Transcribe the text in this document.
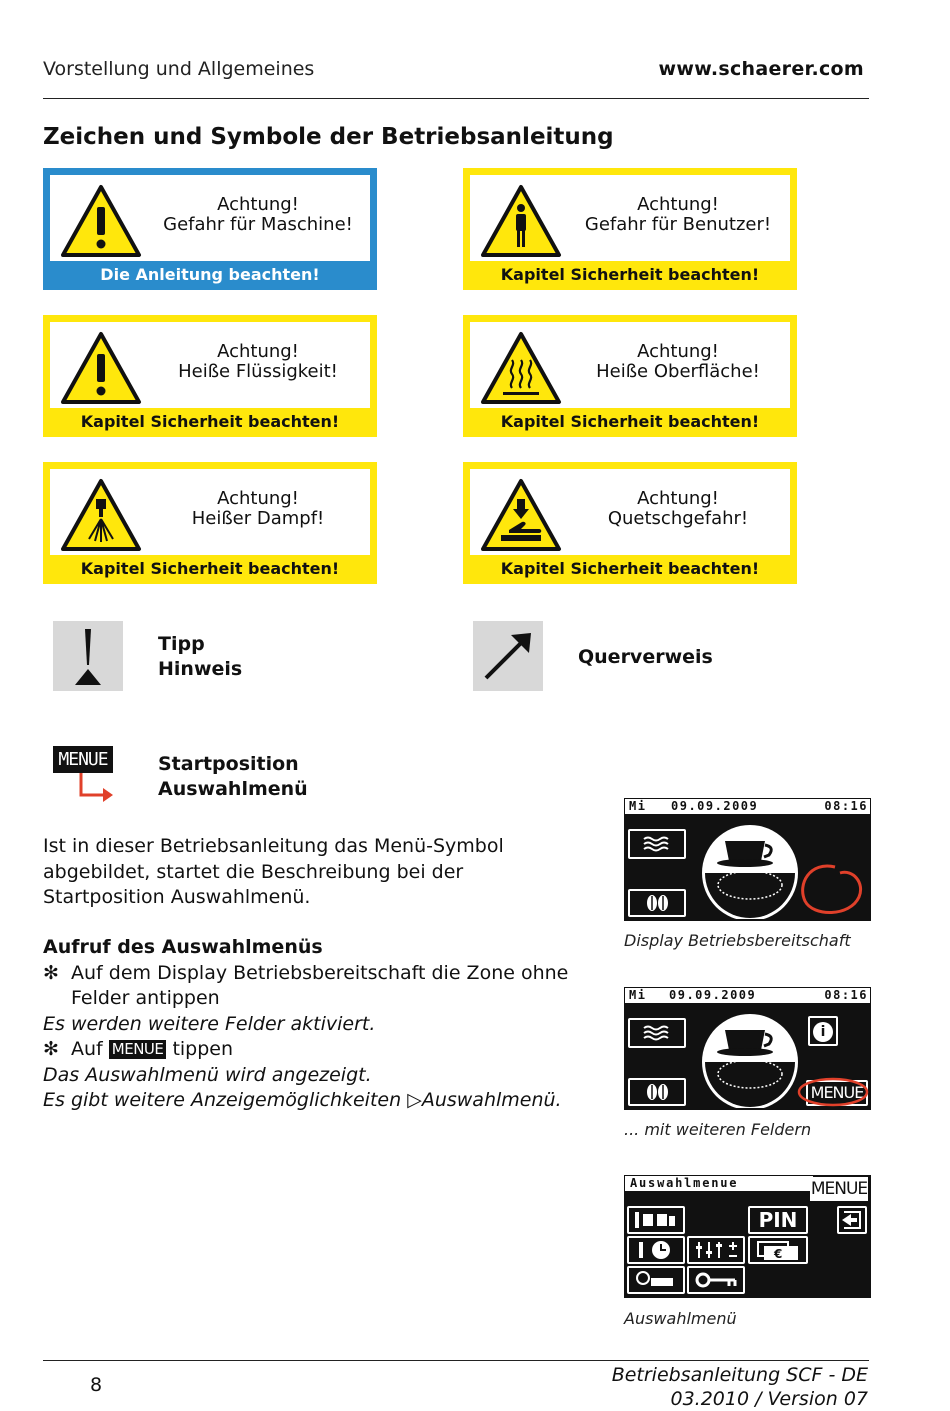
Vorstellung und Allgemeines	www.schaerer.com
Zeichen und Symbole der Betriebsanleitung
Achtung!
Gefahr für Maschine!
Die Anleitung beachten!
Achtung!
Gefahr für Benutzer!
Kapitel Sicherheit beachten!
Achtung!
Heiße Flüssigkeit!
Kapitel Sicherheit beachten!
Achtung!
Heiße Oberfläche!
Kapitel Sicherheit beachten!
Achtung!
Heißer Dampf!
Kapitel Sicherheit beachten!
Achtung!
Quetschgefahr!
Kapitel Sicherheit beachten!
Tipp
Hinweis
Querverweis
MENUE	Startposition
Auswahlmenü
Ist in dieser Betriebsanleitung das Menü-Symbol
abgebildet, startet die Beschreibung bei der
Startposition Auswahlmenü.
Aufruf des Auswahlmenüs
✻ Auf dem Display Betriebsbereitschaft die Zone ohne
Felder antippen
Es werden weitere Felder aktiviert.
✻ Auf MENUE tippen
Das Auswahlmenü wird angezeigt.
Es gibt weitere Anzeigemöglichkeiten ▷Auswahlmenü.
Mi 09.09.2009	08:16
Display Betriebsbereitschaft
Mi 09.09.2009	08:16
i
MENUE
... mit weiteren Feldern
Auswahlmenue	MENUE
PIN
€
Auswahlmenü
8	Betriebsanleitung SCF - DE
03.2010 / Version 07
